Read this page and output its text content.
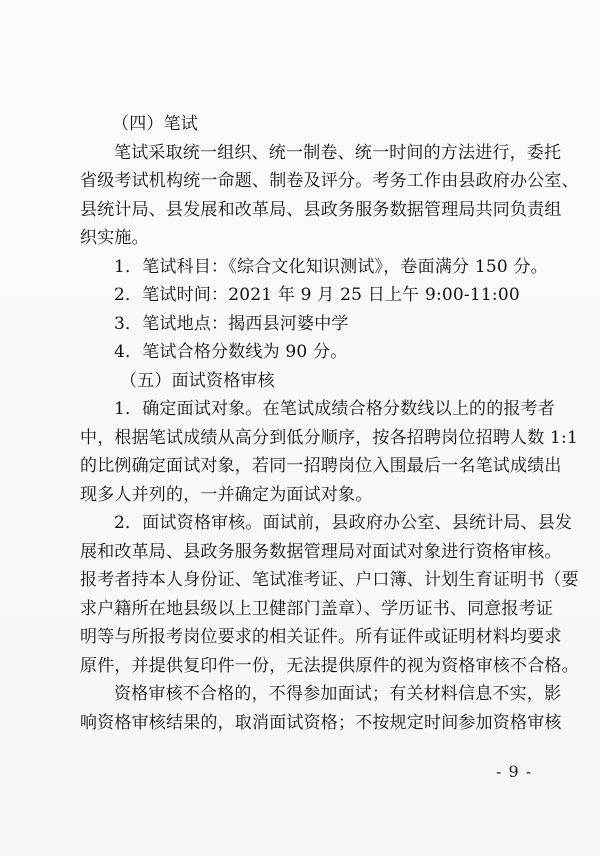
（四）笔试
笔试采取统一组织、统一制卷、统一时间的方法进行，委托
省级考试机构统一命题、制卷及评分。考务工作由县政府办公室、
县统计局、县发展和改革局、县政务服务数据管理局共同负责组
织实施。
1．笔试科目：《综合文化知识测试》，卷面满分 150 分。
2．笔试时间：2021 年 9 月 25 日上午 9:00-11:00
3．笔试地点：揭西县河婆中学
4．笔试合格分数线为 90 分。
（五）面试资格审核
1．确定面试对象。在笔试成绩合格分数线以上的的报考者
中，根据笔试成绩从高分到低分顺序，按各招聘岗位招聘人数 1:1
的比例确定面试对象，若同一招聘岗位入围最后一名笔试成绩出
现多人并列的，一并确定为面试对象。
2．面试资格审核。面试前，县政府办公室、县统计局、县发
展和改革局、县政务服务数据管理局对面试对象进行资格审核。
报考者持本人身份证、笔试准考证、户口簿、计划生育证明书（要
求户籍所在地县级以上卫健部门盖章）、学历证书、同意报考证
明等与所报考岗位要求的相关证件。所有证件或证明材料均要求
原件，并提供复印件一份，无法提供原件的视为资格审核不合格。
资格审核不合格的，不得参加面试；有关材料信息不实，影
响资格审核结果的，取消面试资格；不按规定时间参加资格审核
- 9 -
